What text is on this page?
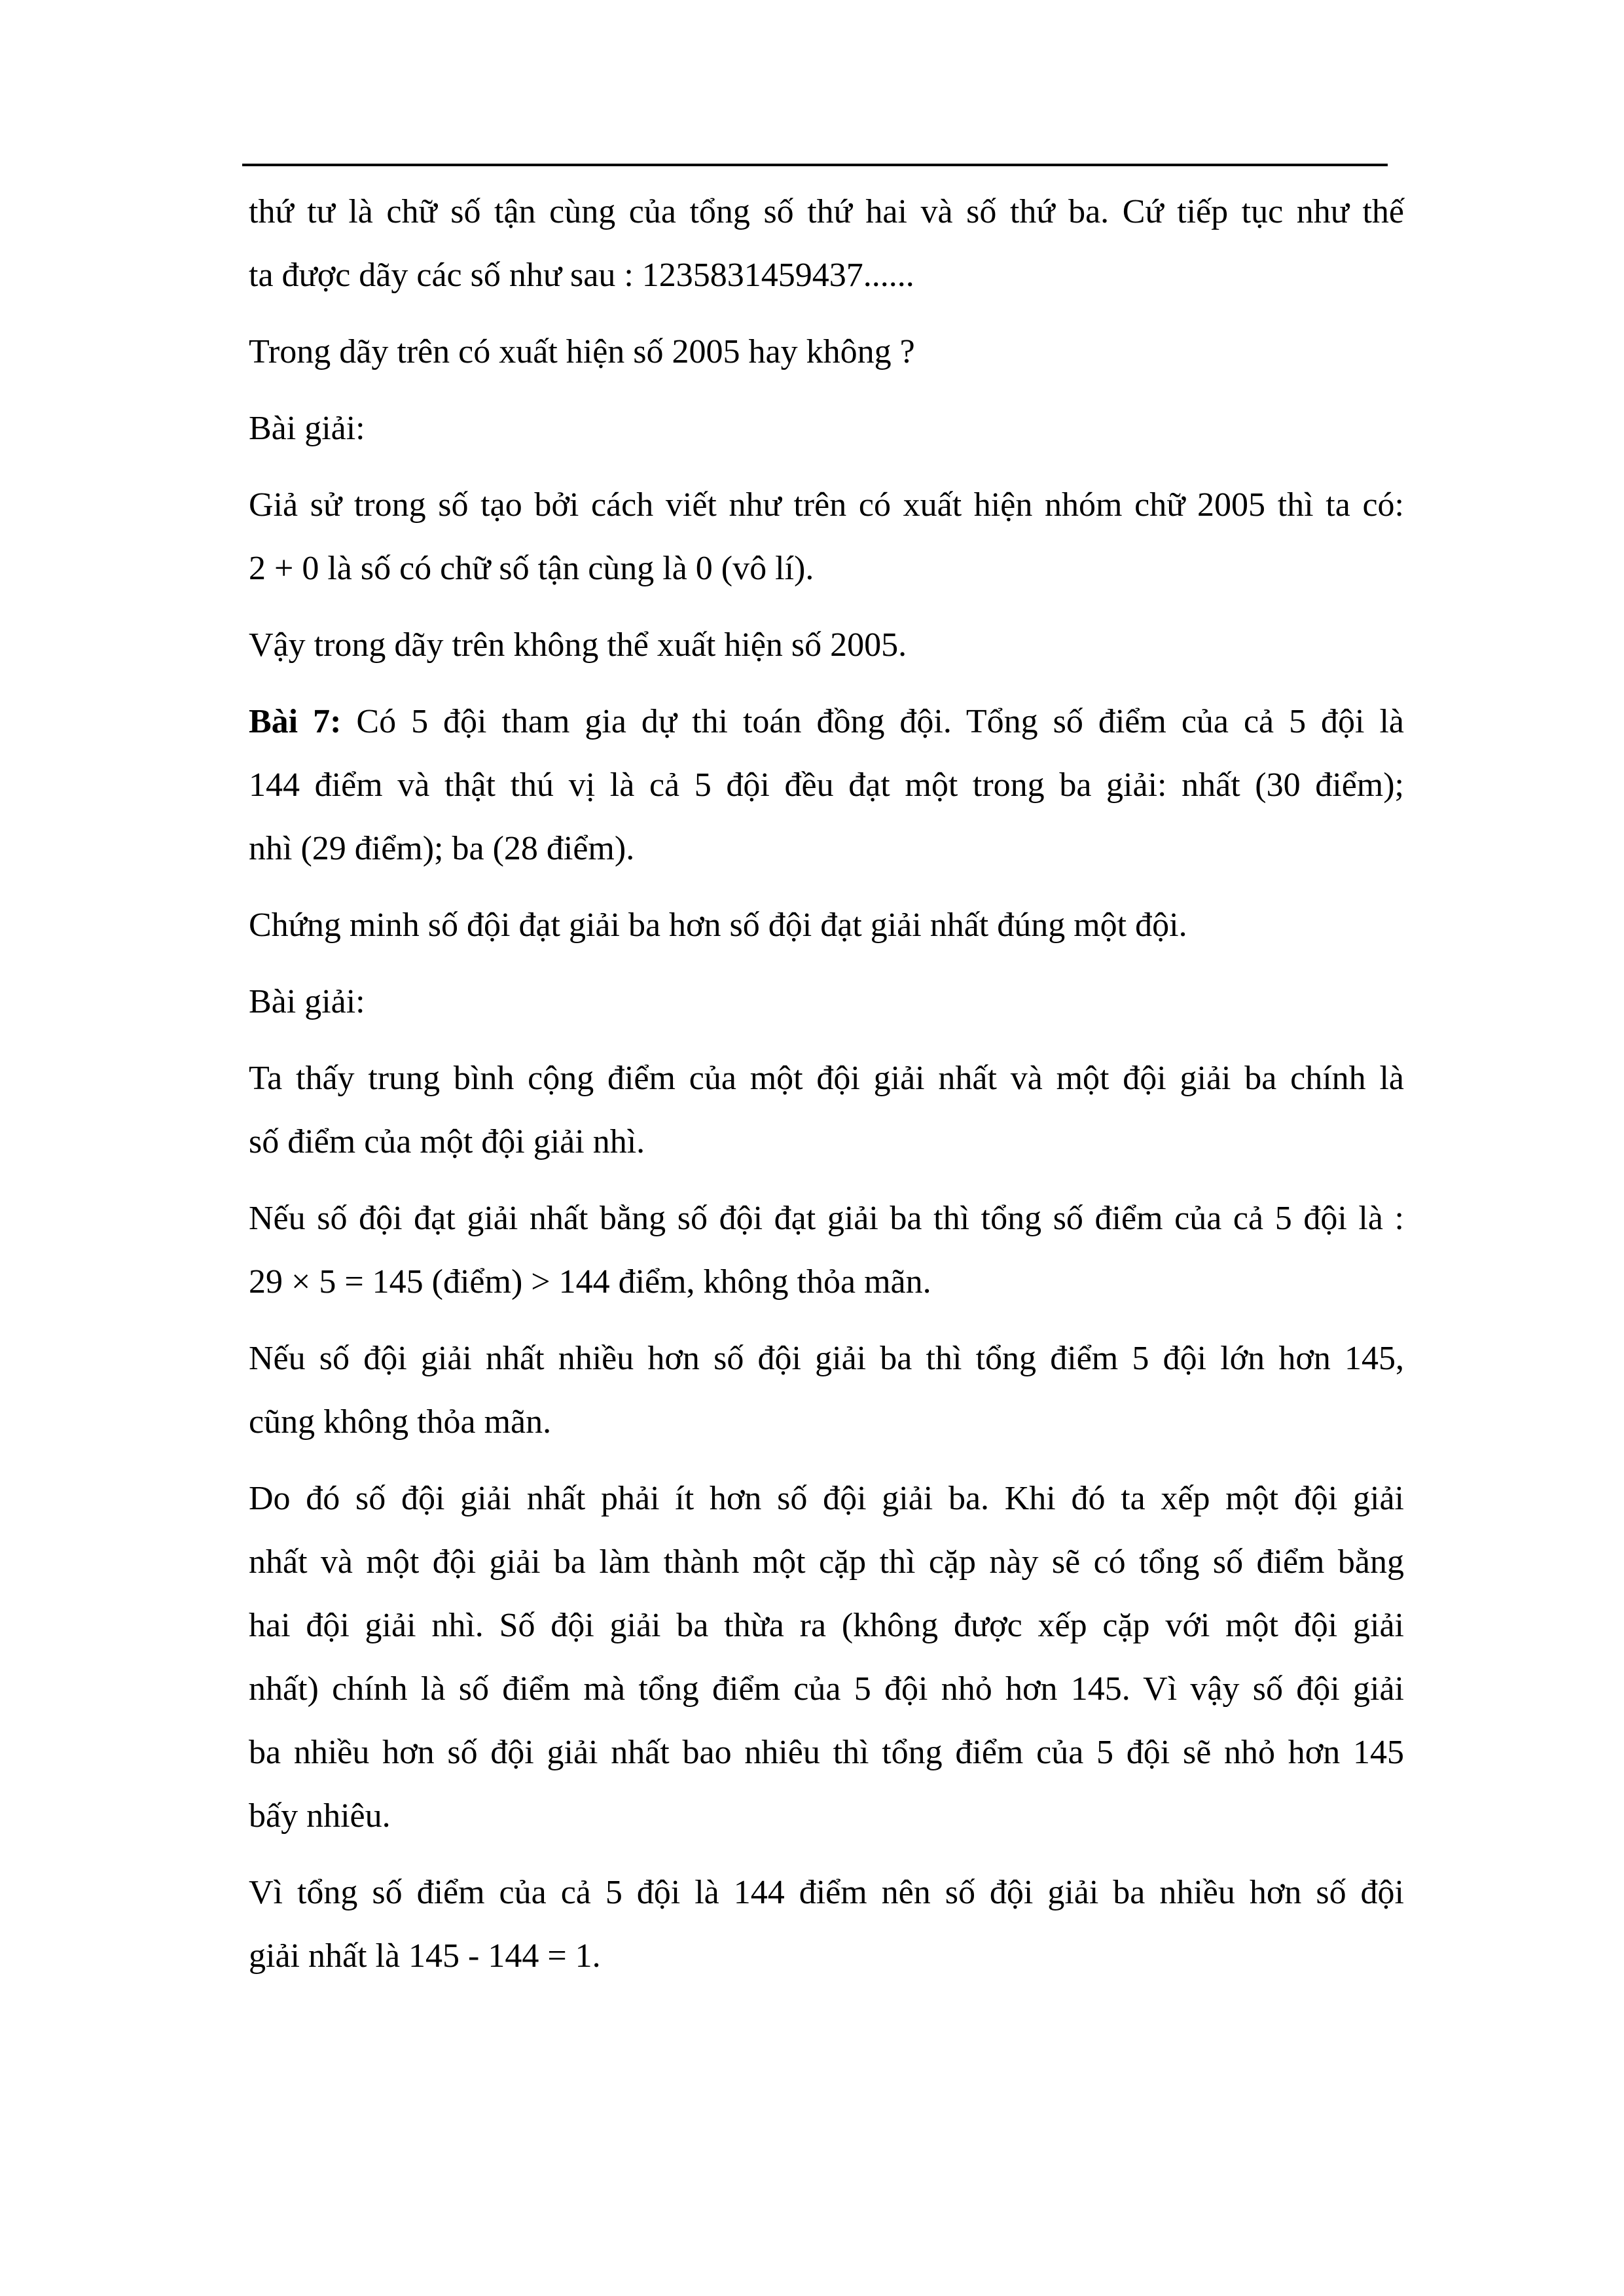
thứ tư là chữ số tận cùng của tổng số thứ hai và số thứ ba. Cứ tiếp tục như thế
ta được dãy các số như sau : 1235831459437......
Trong dãy trên có xuất hiện số 2005 hay không ?
Bài giải:
Giả sử trong số tạo bởi cách viết như trên có xuất hiện nhóm chữ 2005 thì ta có:
2 + 0 là số có chữ số tận cùng là 0 (vô lí).
Vậy trong dãy trên không thể xuất hiện số 2005.
Bài 7: Có 5 đội tham gia dự thi toán đồng đội. Tổng số điểm của cả 5 đội là
144 điểm và thật thú vị là cả 5 đội đều đạt một trong ba giải: nhất (30 điểm);
nhì (29 điểm); ba (28 điểm).
Chứng minh số đội đạt giải ba hơn số đội đạt giải nhất đúng một đội.
Bài giải:
Ta thấy trung bình cộng điểm của một đội giải nhất và một đội giải ba chính là
số điểm của một đội giải nhì.
Nếu số đội đạt giải nhất bằng số đội đạt giải ba thì tổng số điểm của cả 5 đội là :
29 × 5 = 145 (điểm) > 144 điểm, không thỏa mãn.
Nếu số đội giải nhất nhiều hơn số đội giải ba thì tổng điểm 5 đội lớn hơn 145,
cũng không thỏa mãn.
Do đó số đội giải nhất phải ít hơn số đội giải ba. Khi đó ta xếp một đội giải
nhất và một đội giải ba làm thành một cặp thì cặp này sẽ có tổng số điểm bằng
hai đội giải nhì. Số đội giải ba thừa ra (không được xếp cặp với một đội giải
nhất) chính là số điểm mà tổng điểm của 5 đội nhỏ hơn 145. Vì vậy số đội giải
ba nhiều hơn số đội giải nhất bao nhiêu thì tổng điểm của 5 đội sẽ nhỏ hơn 145
bấy nhiêu.
Vì tổng số điểm của cả 5 đội là 144 điểm nên số đội giải ba nhiều hơn số đội
giải nhất là 145 - 144 = 1.
